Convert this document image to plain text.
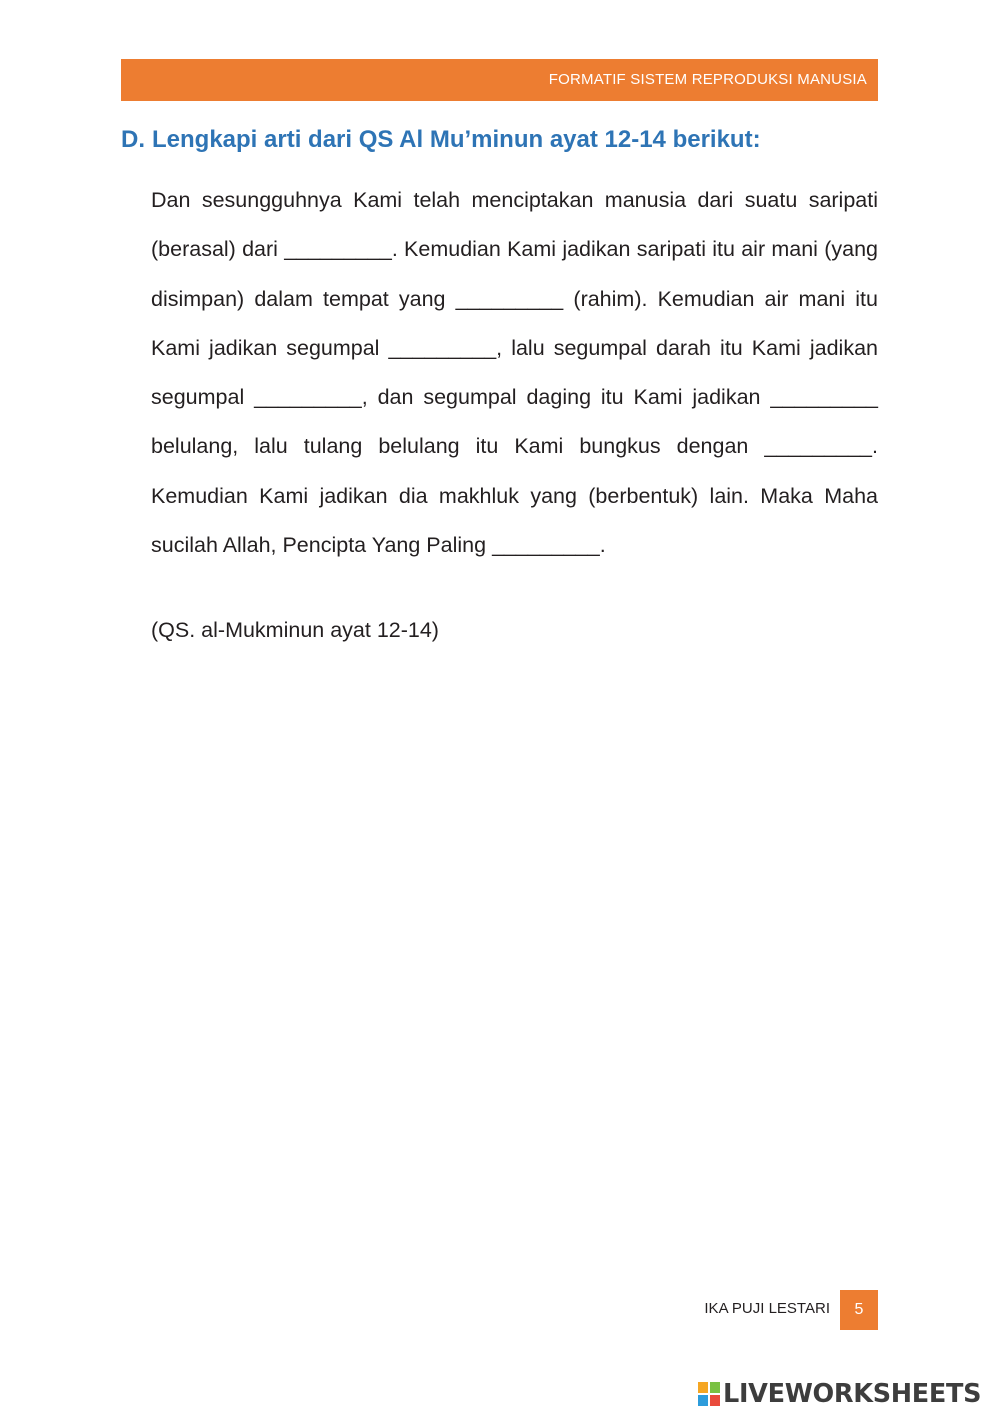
FORMATIF SISTEM REPRODUKSI MANUSIA
D. Lengkapi arti dari QS Al Mu’minun ayat 12-14 berikut:

Dan sesungguhnya Kami telah menciptakan manusia dari suatu saripati (berasal) dari _________. Kemudian Kami jadikan saripati itu air mani (yang disimpan) dalam tempat yang _________ (rahim). Kemudian air mani itu Kami jadikan segumpal _________, lalu segumpal darah itu Kami jadikan segumpal _________, dan segumpal daging itu Kami jadikan _________ belulang, lalu tulang belulang itu Kami bungkus dengan _________. Kemudian Kami jadikan dia makhluk yang (berbentuk) lain. Maka Maha sucilah Allah, Pencipta Yang Paling _________.

(QS. al-Mukminun ayat 12-14)
IKA PUJI LESTARI	5
LIVEWORKSHEETS
